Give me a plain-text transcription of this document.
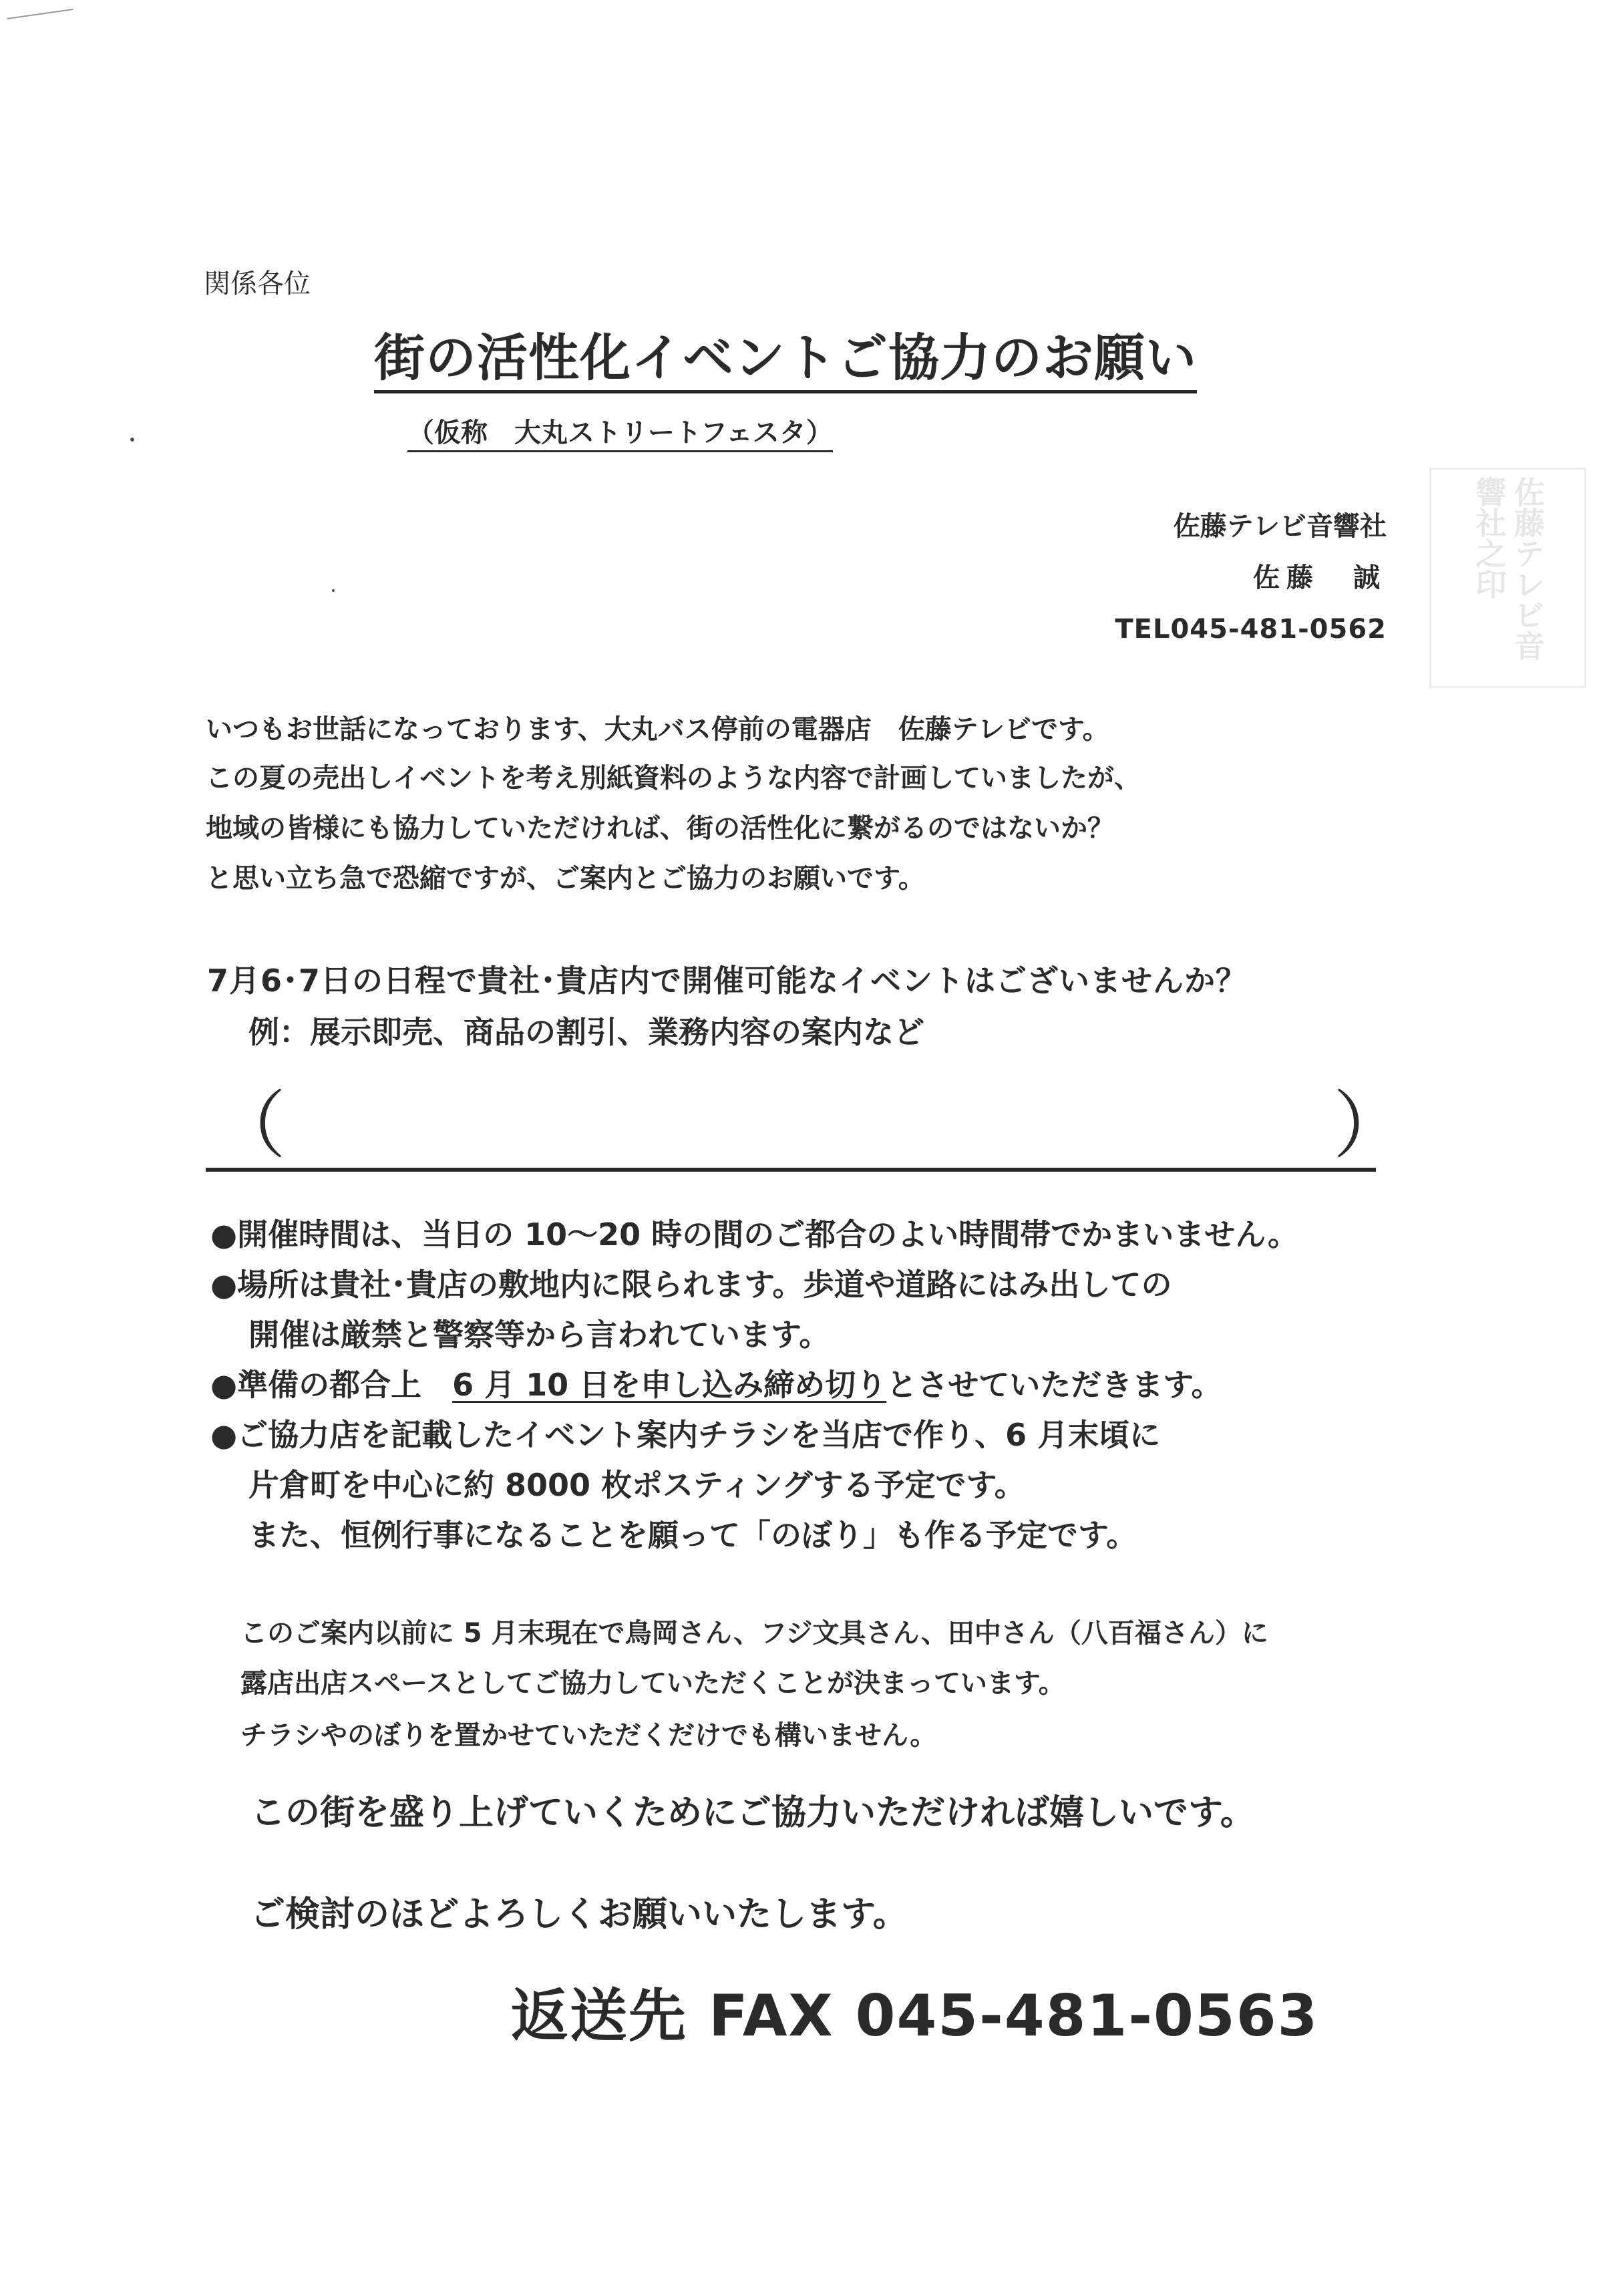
関係各位

街の活性化イベントご協力のお願い

（仮称　大丸ストリートフェスタ）

佐藤テレビ音響社

佐藤　誠

TEL045-481-0562	佐藤テレビ音響社之印

いつもお世話になっております、大丸バス停前の電器店　佐藤テレビです。

この夏の売出しイベントを考え別紙資料のような内容で計画していましたが、

地域の皆様にも協力していただければ、街の活性化に繋がるのではないか？

と思い立ち急で恐縮ですが、ご案内とご協力のお願いです。

7月6･7日の日程で貴社･貴店内で開催可能なイベントはございませんか？

例：展示即売、商品の割引、業務内容の案内など

（	）

●開催時間は、当日の 10～20 時の間のご都合のよい時間帯でかまいません。

●場所は貴社･貴店の敷地内に限られます。歩道や道路にはみ出しての

開催は厳禁と警察等から言われています。

●準備の都合上　6 月 10 日を申し込み締め切りとさせていただきます。

●ご協力店を記載したイベント案内チラシを当店で作り、6 月末頃に

片倉町を中心に約 8000 枚ポスティングする予定です。

また、恒例行事になることを願って「のぼり」も作る予定です。

このご案内以前に 5 月末現在で鳥岡さん、フジ文具さん、田中さん（八百福さん）に

露店出店スペースとしてご協力していただくことが決まっています。

チラシやのぼりを置かせていただくだけでも構いません。

この街を盛り上げていくためにご協力いただければ嬉しいです。

ご検討のほどよろしくお願いいたします。

返送先 FAX 045-481-0563
